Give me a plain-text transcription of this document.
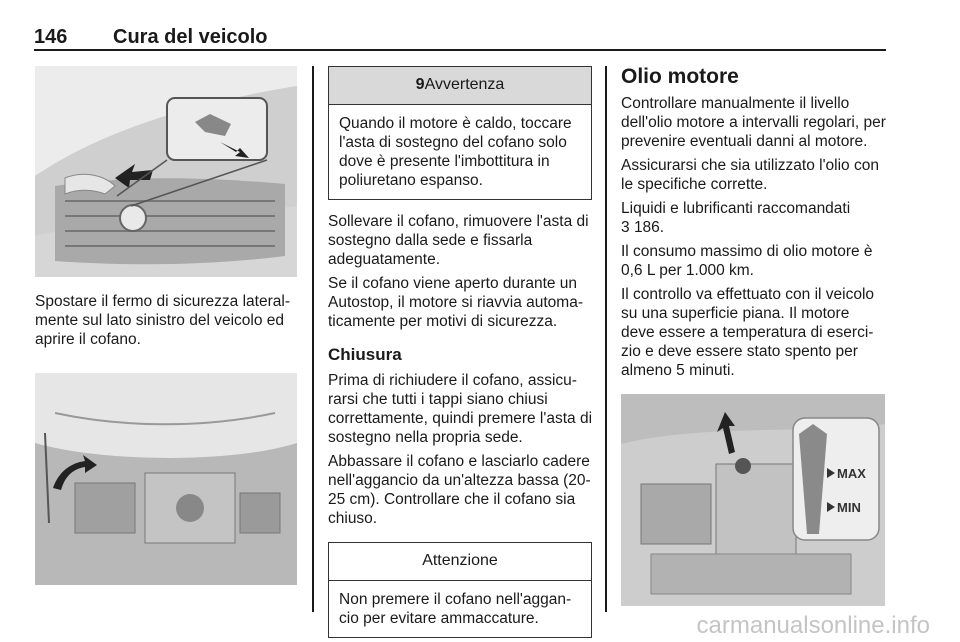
146 Cura del veicolo

Spostare il fermo di sicurezza lateral-mente sul lato sinistro del veicolo ed aprire il cofano.

9Avvertenza
Quando il motore è caldo, toccare l'asta di sostegno del cofano solo dove è presente l'imbottitura in poliuretano espanso.

Sollevare il cofano, rimuovere l'asta di sostegno dalla sede e fissarla adeguatamente.

Se il cofano viene aperto durante un Autostop, il motore si riavvia automa-ticamente per motivi di sicurezza.

Chiusura

Prima di richiudere il cofano, assicu-rarsi che tutti i tappi siano chiusi correttamente, quindi premere l'asta di sostegno nella propria sede.

Abbassare il cofano e lasciarlo cadere nell'aggancio da un'altezza bassa (20-25 cm). Controllare che il cofano sia chiuso.

Attenzione
Non premere il cofano nell'aggan-cio per evitare ammaccature.
Olio motore

Controllare manualmente il livello dell'olio motore a intervalli regolari, per prevenire eventuali danni al motore.

Assicurarsi che sia utilizzato l'olio con le specifiche corrette.

Liquidi e lubrificanti raccomandati
3 186.

Il consumo massimo di olio motore è 0,6 L per 1.000 km.

Il controllo va effettuato con il veicolo su una superficie piana. Il motore deve essere a temperatura di eserci-zio e deve essere stato spento per almeno 5 minuti.

MAX
MIN
carmanualsonline.info
